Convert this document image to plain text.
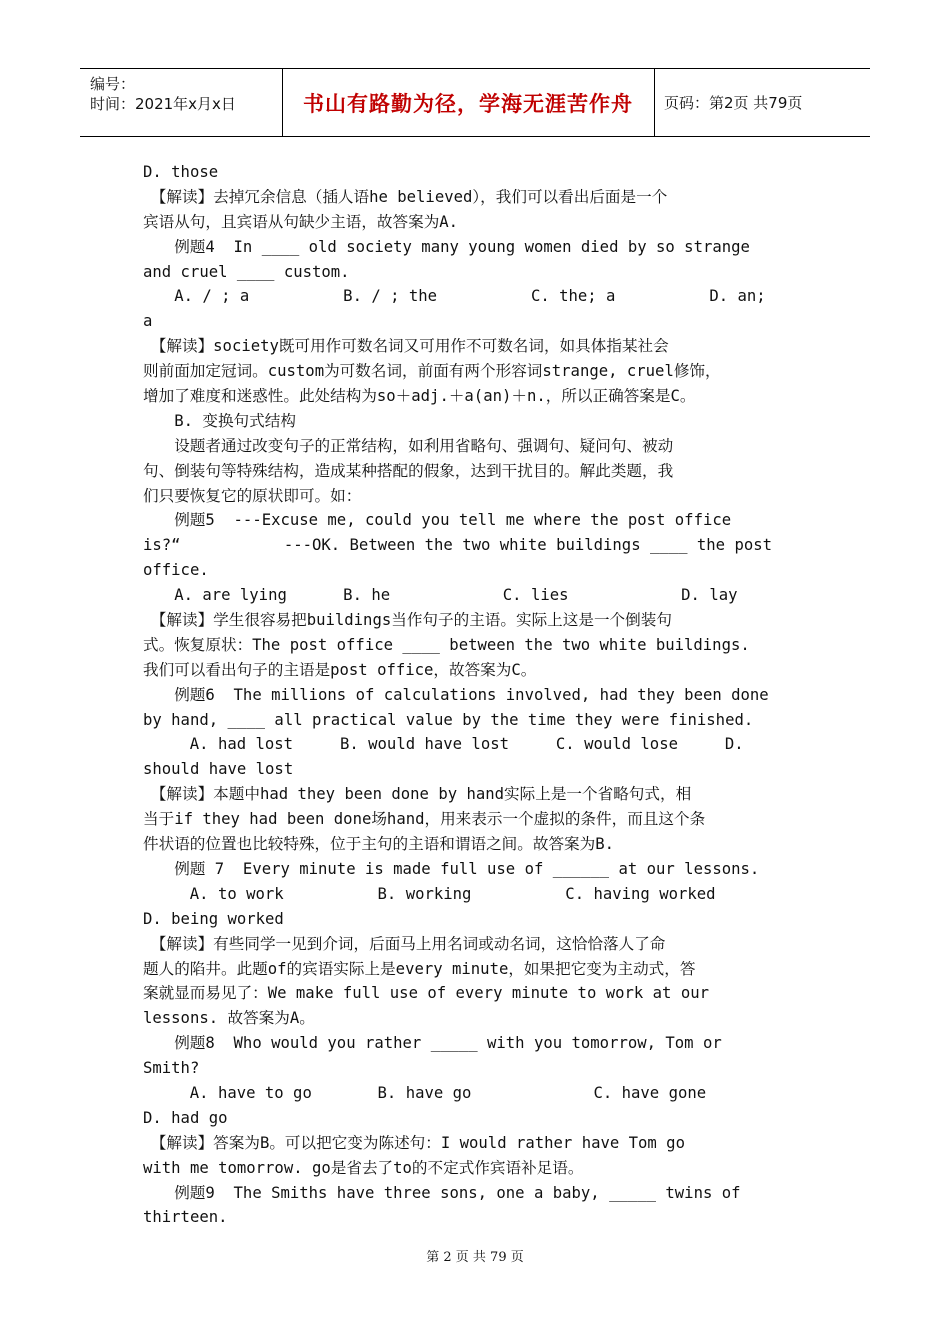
编号：
时间：2021年x月x日	书山有路勤为径，学海无涯苦作舟	页码：第2页 共79页
D. those
　【解读】去掉冗余信息（插人语he believed），我们可以看出后面是一个
宾语从句，且宾语从句缺少主语，故答案为A.
　　例题4  In ____ old society many young women died by so strange
and cruel ____ custom.
　　A. / ; a          B. / ; the          C. the; a          D. an;
a
　【解读】society既可用作可数名词又可用作不可数名词，如具体指某社会
则前面加定冠词。custom为可数名词，前面有两个形容词strange, cruel修饰，
增加了难度和迷惑性。此处结构为so＋adj.＋a(an)＋n.，所以正确答案是C。
　　B. 变换句式结构
　　设题者通过改变句子的正常结构，如利用省略句、强调句、疑问句、被动
句、倒装句等特殊结构，造成某种搭配的假象，达到干扰目的。解此类题，我
们只要恢复它的原状即可。如：
　　例题5  ---Excuse me, could you tell me where the post office
is?“           ---OK. Between the two white buildings ____ the post
office.
　　A. are lying      B. he            C. lies            D. lay
　【解读】学生很容易把buildings当作句子的主语。实际上这是一个倒装句
式。恢复原状：The post office ____ between the two white buildings.
我们可以看出句子的主语是post office，故答案为C。
　　例题6  The millions of calculations involved, had they been done
by hand, ____ all practical value by the time they were finished.
　　　A. had lost     B. would have lost     C. would lose     D.
should have lost
　【解读】本题中had they been done by hand实际上是一个省略句式，相
当于if they had been done场hand，用来表示一个虚拟的条件，而且这个条
件状语的位置也比较特殊，位于主句的主语和谓语之间。故答案为B.
　　例题 7  Every minute is made full use of ______ at our lessons.
　　　A. to work          B. working          C. having worked
D. being worked
　【解读】有些同学一见到介词，后面马上用名词或动名词，这恰恰落人了命
题人的陷井。此题of的宾语实际上是every minute，如果把它变为主动式，答
案就显而易见了：We make full use of every minute to work at our
lessons. 故答案为A。
　　例题8  Who would you rather _____ with you tomorrow, Tom or
Smith?
　　　A. have to go       B. have go             C. have gone
D. had go
　【解读】答案为B。可以把它变为陈述句：I would rather have Tom go
with me tomorrow. go是省去了to的不定式作宾语补足语。
　　例题9  The Smiths have three sons, one a baby, _____ twins of
thirteen.
第 2 页 共 79 页
